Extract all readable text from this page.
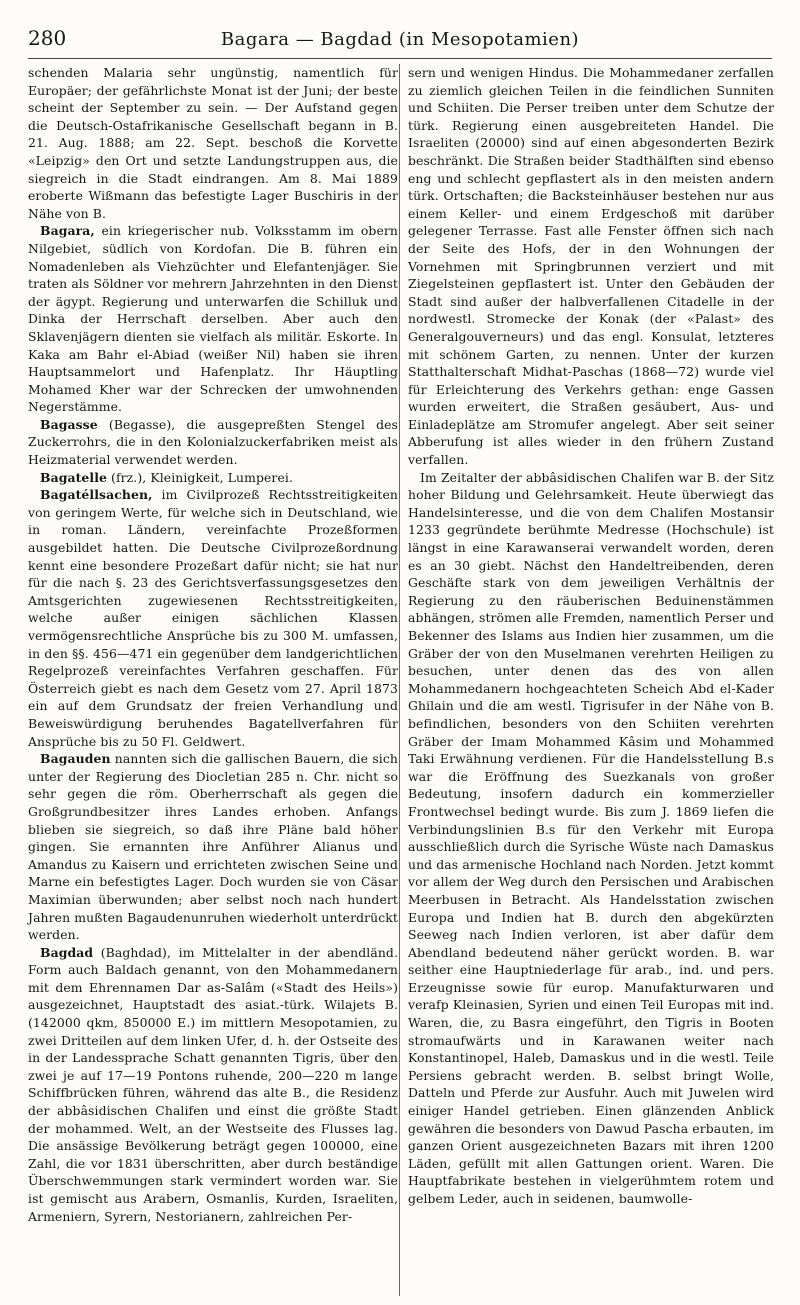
280	Bagara — Bagdad (in Mesopotamien)

schenden Malaria sehr ungünstig, namentlich für Europäer; der gefährlichste Monat ist der Juni; der beste scheint der September zu sein. — Der Aufstand gegen die Deutsch-Ostafrikanische Gesellschaft begann in B. 21. Aug. 1888; am 22. Sept. beschoß die Korvette «Leipzig» den Ort und setzte Landungstruppen aus, die siegreich in die Stadt eindrangen. Am 8. Mai 1889 eroberte Wißmann das befestigte Lager Buschiris in der Nähe von B.

Bagara, ein kriegerischer nub. Volksstamm im obern Nilgebiet, südlich von Kordofan. Die B. führen ein Nomadenleben als Viehzüchter und Elefantenjäger. Sie traten als Söldner vor mehrern Jahrzehnten in den Dienst der ägypt. Regierung und unterwarfen die Schilluk und Dinka der Herrschaft derselben. Aber auch den Sklavenjägern dienten sie vielfach als militär. Eskorte. In Kaka am Bahr el-Abiad (weißer Nil) haben sie ihren Hauptsammelort und Hafenplatz. Ihr Häuptling Mohamed Kher war der Schrecken der umwohnenden Negerstämme.

Bagasse (Begasse), die ausgepreßten Stengel des Zuckerrohrs, die in den Kolonialzuckerfabriken meist als Heizmaterial verwendet werden.

Bagatelle (frz.), Kleinigkeit, Lumperei.

Bagatéllsachen, im Civilprozeß Rechtsstreitigkeiten von geringem Werte, für welche sich in Deutschland, wie in roman. Ländern, vereinfachte Prozeßformen ausgebildet hatten. Die Deutsche Civilprozeßordnung kennt eine besondere Prozeßart dafür nicht; sie hat nur für die nach §. 23 des Gerichtsverfassungsgesetzes den Amtsgerichten zugewiesenen Rechtsstreitigkeiten, welche außer einigen sächlichen Klassen vermögensrechtliche Ansprüche bis zu 300 M. umfassen, in den §§. 456—471 ein gegenüber dem landgerichtlichen Regelprozeß vereinfachtes Verfahren geschaffen. Für Österreich giebt es nach dem Gesetz vom 27. April 1873 ein auf dem Grundsatz der freien Verhandlung und Beweiswürdigung beruhendes Bagatellverfahren für Ansprüche bis zu 50 Fl. Geldwert.

Bagauden nannten sich die gallischen Bauern, die sich unter der Regierung des Diocletian 285 n. Chr. nicht so sehr gegen die röm. Oberherrschaft als gegen die Großgrundbesitzer ihres Landes erhoben. Anfangs blieben sie siegreich, so daß ihre Pläne bald höher gingen. Sie ernannten ihre Anführer Alianus und Amandus zu Kaisern und errichteten zwischen Seine und Marne ein befestigtes Lager. Doch wurden sie von Cäsar Maximian überwunden; aber selbst noch nach hundert Jahren mußten Bagaudenunruhen wiederholt unterdrückt werden.

Bagdad (Baghdad), im Mittelalter in der abendländ. Form auch Baldach genannt, von den Mohammedanern mit dem Ehrennamen Dar as-Salâm («Stadt des Heils») ausgezeichnet, Hauptstadt des asiat.-türk. Wilajets B. (142000 qkm, 850000 E.) im mittlern Mesopotamien, zu zwei Dritteilen auf dem linken Ufer, d. h. der Ostseite des in der Landessprache Schatt genannten Tigris, über den zwei je auf 17—19 Pontons ruhende, 200—220 m lange Schiffbrücken führen, während das alte B., die Residenz der abbâsidischen Chalifen und einst die größte Stadt der mohammed. Welt, an der Westseite des Flusses lag. Die ansässige Bevölkerung beträgt gegen 100000, eine Zahl, die vor 1831 überschritten, aber durch beständige Überschwemmungen stark vermindert worden war. Sie ist gemischt aus Arabern, Osmanlis, Kurden, Israeliten, Armeniern, Syrern, Nestorianern, zahlreichen Per-

sern und wenigen Hindus. Die Mohammedaner zerfallen zu ziemlich gleichen Teilen in die feindlichen Sunniten und Schiiten. Die Perser treiben unter dem Schutze der türk. Regierung einen ausgebreiteten Handel. Die Israeliten (20000) sind auf einen abgesonderten Bezirk beschränkt. Die Straßen beider Stadthälften sind ebenso eng und schlecht gepflastert als in den meisten andern türk. Ortschaften; die Backsteinhäuser bestehen nur aus einem Keller- und einem Erdgeschoß mit darüber gelegener Terrasse. Fast alle Fenster öffnen sich nach der Seite des Hofs, der in den Wohnungen der Vornehmen mit Springbrunnen verziert und mit Ziegelsteinen gepflastert ist. Unter den Gebäuden der Stadt sind außer der halbverfallenen Citadelle in der nordwestl. Stromecke der Konak (der «Palast» des Generalgouverneurs) und das engl. Konsulat, letzteres mit schönem Garten, zu nennen. Unter der kurzen Statthalterschaft Midhat-Paschas (1868—72) wurde viel für Erleichterung des Verkehrs gethan: enge Gassen wurden erweitert, die Straßen gesäubert, Aus- und Einladeplätze am Stromufer angelegt. Aber seit seiner Abberufung ist alles wieder in den frühern Zustand verfallen.

Im Zeitalter der abbâsidischen Chalifen war B. der Sitz hoher Bildung und Gelehrsamkeit. Heute überwiegt das Handelsinteresse, und die von dem Chalifen Mostansir 1233 gegründete berühmte Medresse (Hochschule) ist längst in eine Karawanserai verwandelt worden, deren es an 30 giebt. Nächst den Handeltreibenden, deren Geschäfte stark von dem jeweiligen Verhältnis der Regierung zu den räuberischen Beduinenstämmen abhängen, strömen alle Fremden, namentlich Perser und Bekenner des Islams aus Indien hier zusammen, um die Gräber der von den Muselmanen verehrten Heiligen zu besuchen, unter denen das des von allen Mohammedanern hochgeachteten Scheich Abd el-Kader Ghilain und die am westl. Tigrisufer in der Nähe von B. befindlichen, besonders von den Schiiten verehrten Gräber der Imam Mohammed Kâsim und Mohammed Taki Erwähnung verdienen. Für die Handelsstellung B.s war die Eröffnung des Suezkanals von großer Bedeutung, insofern dadurch ein kommerzieller Frontwechsel bedingt wurde. Bis zum J. 1869 liefen die Verbindungslinien B.s für den Verkehr mit Europa ausschließlich durch die Syrische Wüste nach Damaskus und das armenische Hochland nach Norden. Jetzt kommt vor allem der Weg durch den Persischen und Arabischen Meerbusen in Betracht. Als Handelsstation zwischen Europa und Indien hat B. durch den abgekürzten Seeweg nach Indien verloren, ist aber dafür dem Abendland bedeutend näher gerückt worden. B. war seither eine Hauptniederlage für arab., ind. und pers. Erzeugnisse sowie für europ. Manufakturwaren und verafp Kleinasien, Syrien und einen Teil Europas mit ind. Waren, die, zu Basra eingeführt, den Tigris in Booten stromaufwärts und in Karawanen weiter nach Konstantinopel, Haleb, Damaskus und in die westl. Teile Persiens gebracht werden. B. selbst bringt Wolle, Datteln und Pferde zur Ausfuhr. Auch mit Juwelen wird einiger Handel getrieben. Einen glänzenden Anblick gewähren die besonders von Dawud Pascha erbauten, im ganzen Orient ausgezeichneten Bazars mit ihren 1200 Läden, gefüllt mit allen Gattungen orient. Waren. Die Hauptfabrikate bestehen in vielgerühmtem rotem und gelbem Leder, auch in seidenen, baumwolle-
